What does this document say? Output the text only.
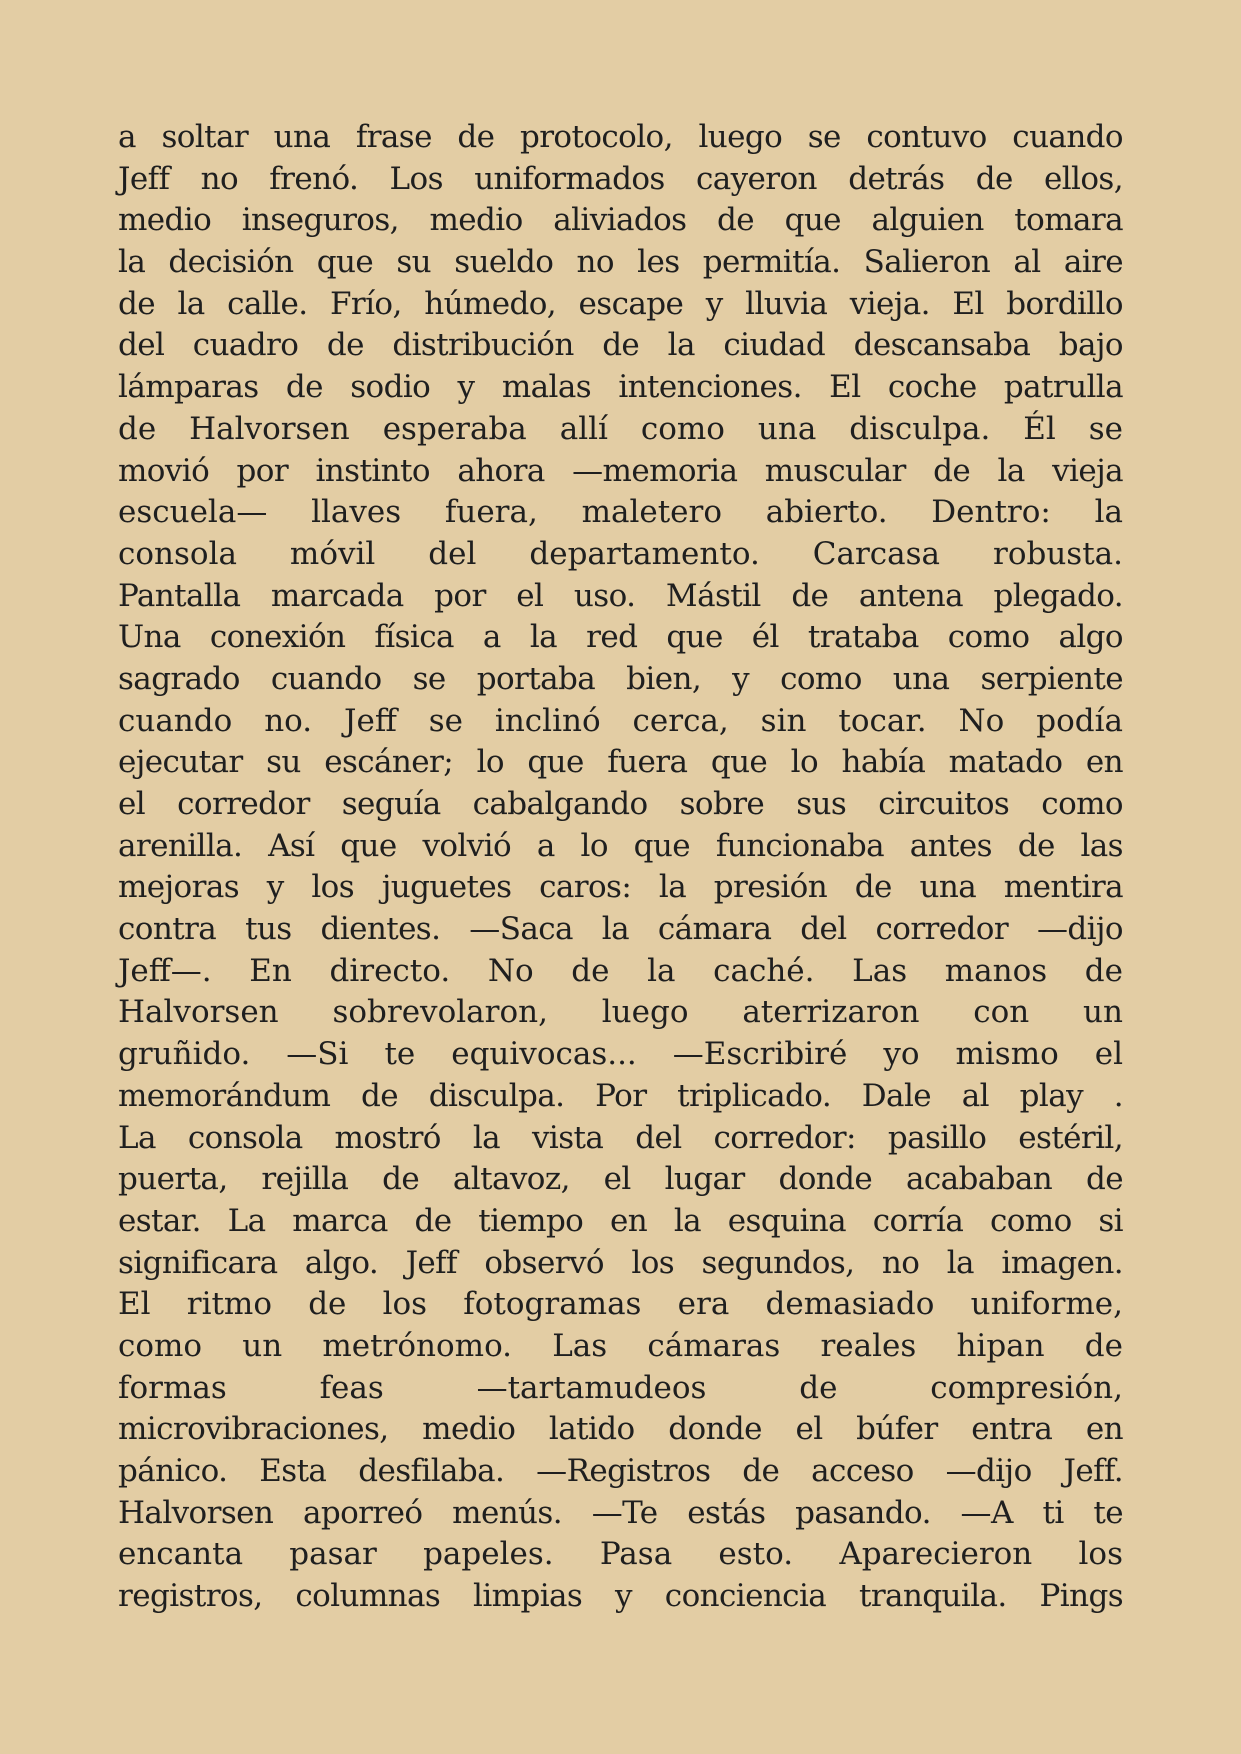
a soltar una frase de protocolo, luego se contuvo cuando
Jeff no frenó. Los uniformados cayeron detrás de ellos,
medio inseguros, medio aliviados de que alguien tomara
la decisión que su sueldo no les permitía. Salieron al aire
de la calle. Frío, húmedo, escape y lluvia vieja. El bordillo
del cuadro de distribución de la ciudad descansaba bajo
lámparas de sodio y malas intenciones. El coche patrulla
de Halvorsen esperaba allí como una disculpa. Él se
movió por instinto ahora —memoria muscular de la vieja
escuela— llaves fuera, maletero abierto. Dentro: la
consola móvil del departamento. Carcasa robusta.
Pantalla marcada por el uso. Mástil de antena plegado.
Una conexión física a la red que él trataba como algo
sagrado cuando se portaba bien, y como una serpiente
cuando no. Jeff se inclinó cerca, sin tocar. No podía
ejecutar su escáner; lo que fuera que lo había matado en
el corredor seguía cabalgando sobre sus circuitos como
arenilla. Así que volvió a lo que funcionaba antes de las
mejoras y los juguetes caros: la presión de una mentira
contra tus dientes. —Saca la cámara del corredor —dijo
Jeff—. En directo. No de la caché. Las manos de
Halvorsen sobrevolaron, luego aterrizaron con un
gruñido. —Si te equivocas... —Escribiré yo mismo el
memorándum de disculpa. Por triplicado. Dale al play .
La consola mostró la vista del corredor: pasillo estéril,
puerta, rejilla de altavoz, el lugar donde acababan de
estar. La marca de tiempo en la esquina corría como si
significara algo. Jeff observó los segundos, no la imagen.
El ritmo de los fotogramas era demasiado uniforme,
como un metrónomo. Las cámaras reales hipan de
formas feas —tartamudeos de compresión,
microvibraciones, medio latido donde el búfer entra en
pánico. Esta desfilaba. —Registros de acceso —dijo Jeff.
Halvorsen aporreó menús. —Te estás pasando. —A ti te
encanta pasar papeles. Pasa esto. Aparecieron los
registros, columnas limpias y conciencia tranquila. Pings
